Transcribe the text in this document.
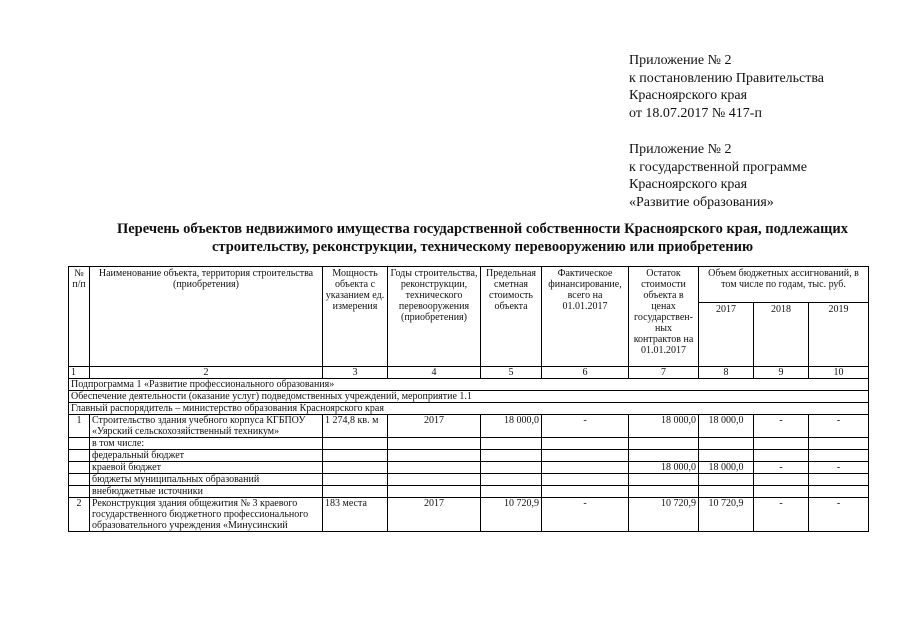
Приложение № 2
к постановлению Правительства
Красноярского края
от 18.07.2017 № 417-п
Приложение № 2
к государственной программе
Красноярского края
«Развитие образования»
Перечень объектов недвижимого имущества государственной собственности Красноярского края, подлежащих
строительству, реконструкции, техническому перевооружению или приобретению
№ п/п	Наименование объекта, территория строительства (приобретения)	Мощность объекта с указанием ед. измерения	Годы строительства, реконструкции, технического перевооружения (приобретения)	Предельная сметная стоимость объекта	Фактическое финансирование, всего на 01.01.2017	Остаток стоимости объекта в ценах государствен-ных контрактов на 01.01.2017	Объем бюджетных ассигнований, в том числе по годам, тыс. руб.		
							2017	2018	2019
1	2	3	4	5	6	7	8	9	10
Подпрограмма 1 «Развитие профессионального образования»									
Обеспечение деятельности (оказание услуг) подведомственных учреждений, мероприятие 1.1									
Главный распорядитель – министерство образования Красноярского края									
1	Строительство здания учебного корпуса КГБПОУ «Уярский сельскохозяйственный техникум»	1 274,8 кв. м	2017	18 000,0	-	18 000,0	18 000,0	-	-
	в том числе:								
	федеральный бюджет								
	краевой бюджет					18 000,0	18 000,0	-	-
	бюджеты муниципальных образований								
	внебюджетные источники								
2	Реконструкция здания общежития № 3 краевого государственного бюджетного профессионального образовательного учреждения «Минусинский	183 места	2017	10 720,9	-	10 720,9	10 720,9	-	-
